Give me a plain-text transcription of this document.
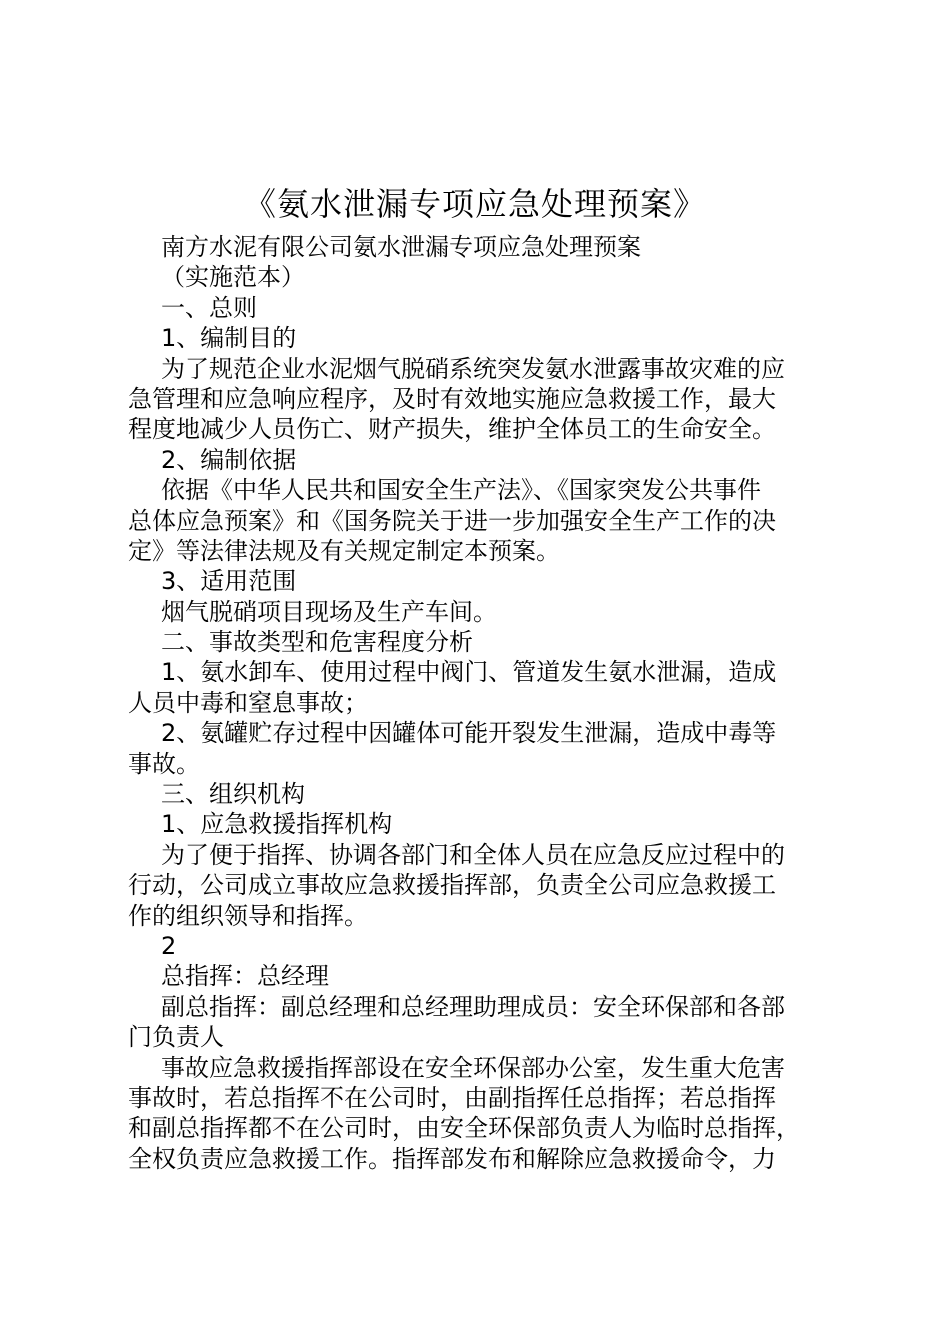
《氨水泄漏专项应急处理预案》
南方水泥有限公司氨水泄漏专项应急处理预案
（实施范本）
一、总则
1、编制目的
为了规范企业水泥烟气脱硝系统突发氨水泄露事故灾难的应
急管理和应急响应程序，及时有效地实施应急救援工作，最大
程度地减少人员伤亡、财产损失，维护全体员工的生命安全。
2、编制依据
依据《中华人民共和国安全生产法》、《国家突发公共事件
总体应急预案》和《国务院关于进一步加强安全生产工作的决
定》等法律法规及有关规定制定本预案。
3、适用范围
烟气脱硝项目现场及生产车间。
二、事故类型和危害程度分析
1、氨水卸车、使用过程中阀门、管道发生氨水泄漏，造成
人员中毒和窒息事故；
2、氨罐贮存过程中因罐体可能开裂发生泄漏，造成中毒等
事故。
三、组织机构
1、应急救援指挥机构
为了便于指挥、协调各部门和全体人员在应急反应过程中的
行动，公司成立事故应急救援指挥部，负责全公司应急救援工
作的组织领导和指挥。
2
总指挥：总经理
副总指挥：副总经理和总经理助理成员：安全环保部和各部
门负责人
事故应急救援指挥部设在安全环保部办公室，发生重大危害
事故时，若总指挥不在公司时，由副指挥任总指挥；若总指挥
和副总指挥都不在公司时，由安全环保部负责人为临时总指挥，
全权负责应急救援工作。指挥部发布和解除应急救援命令，力
